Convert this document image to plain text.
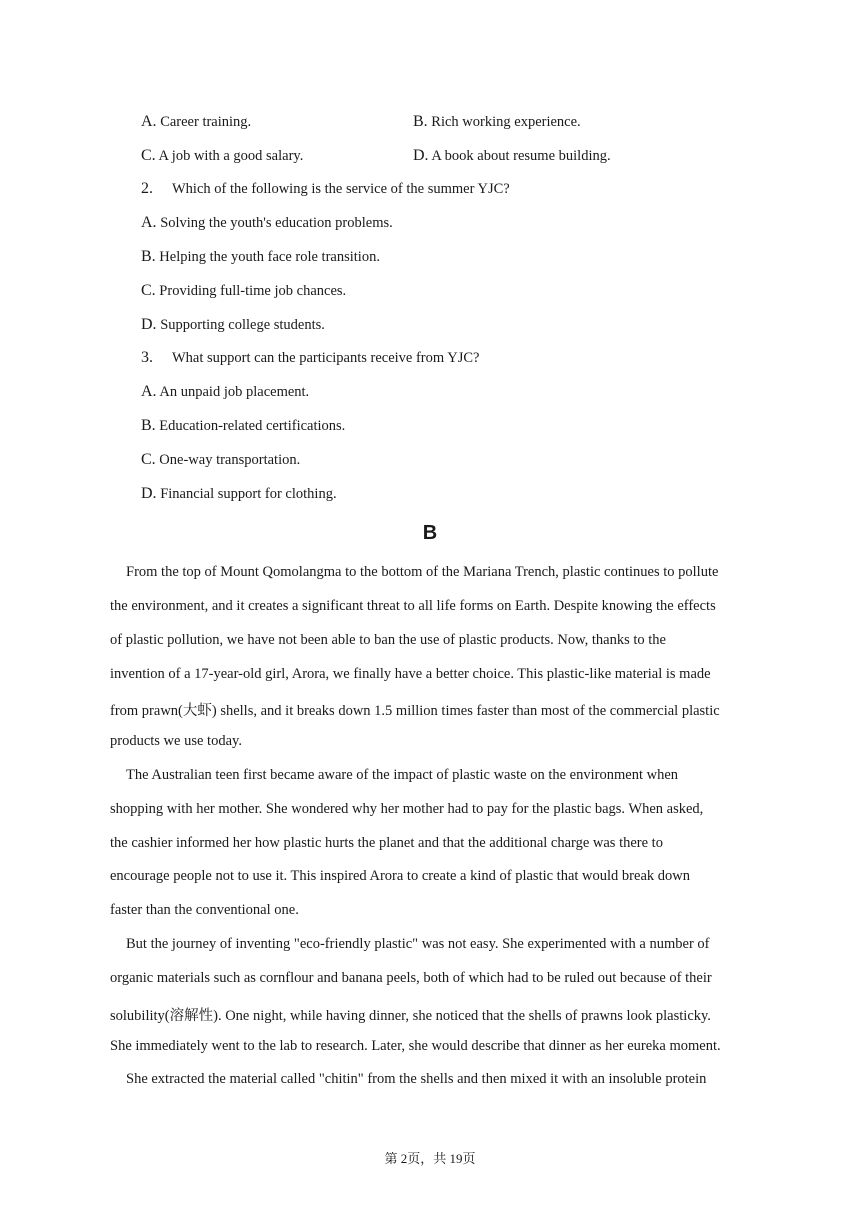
A. Career training.	B. Rich working experience.
C. A job with a good salary.	D. A book about resume building.
2. Which of the following is the service of the summer YJC?
A. Solving the youth's education problems.
B. Helping the youth face role transition.
C. Providing full-time job chances.
D. Supporting college students.
3. What support can the participants receive from YJC?
A. An unpaid job placement.
B. Education-related certifications.
C. One-way transportation.
D. Financial support for clothing.
B
From the top of Mount Qomolangma to the bottom of the Mariana Trench, plastic continues to pollute
the environment, and it creates a significant threat to all life forms on Earth. Despite knowing the effects
of plastic pollution, we have not been able to ban the use of plastic products. Now, thanks to the
invention of a 17-year-old girl, Arora, we finally have a better choice. This plastic-like material is made
from prawn(大虾) shells, and it breaks down 1.5 million times faster than most of the commercial plastic
products we use today.
The Australian teen first became aware of the impact of plastic waste on the environment when
shopping with her mother. She wondered why her mother had to pay for the plastic bags. When asked,
the cashier informed her how plastic hurts the planet and that the additional charge was there to
encourage people not to use it. This inspired Arora to create a kind of plastic that would break down
faster than the conventional one.
But the journey of inventing "eco-friendly plastic" was not easy. She experimented with a number of
organic materials such as cornflour and banana peels, both of which had to be ruled out because of their
solubility(溶解性). One night, while having dinner, she noticed that the shells of prawns look plasticky.
She immediately went to the lab to research. Later, she would describe that dinner as her eureka moment.
She extracted the material called "chitin" from the shells and then mixed it with an insoluble protein
第 2页，共 19页
